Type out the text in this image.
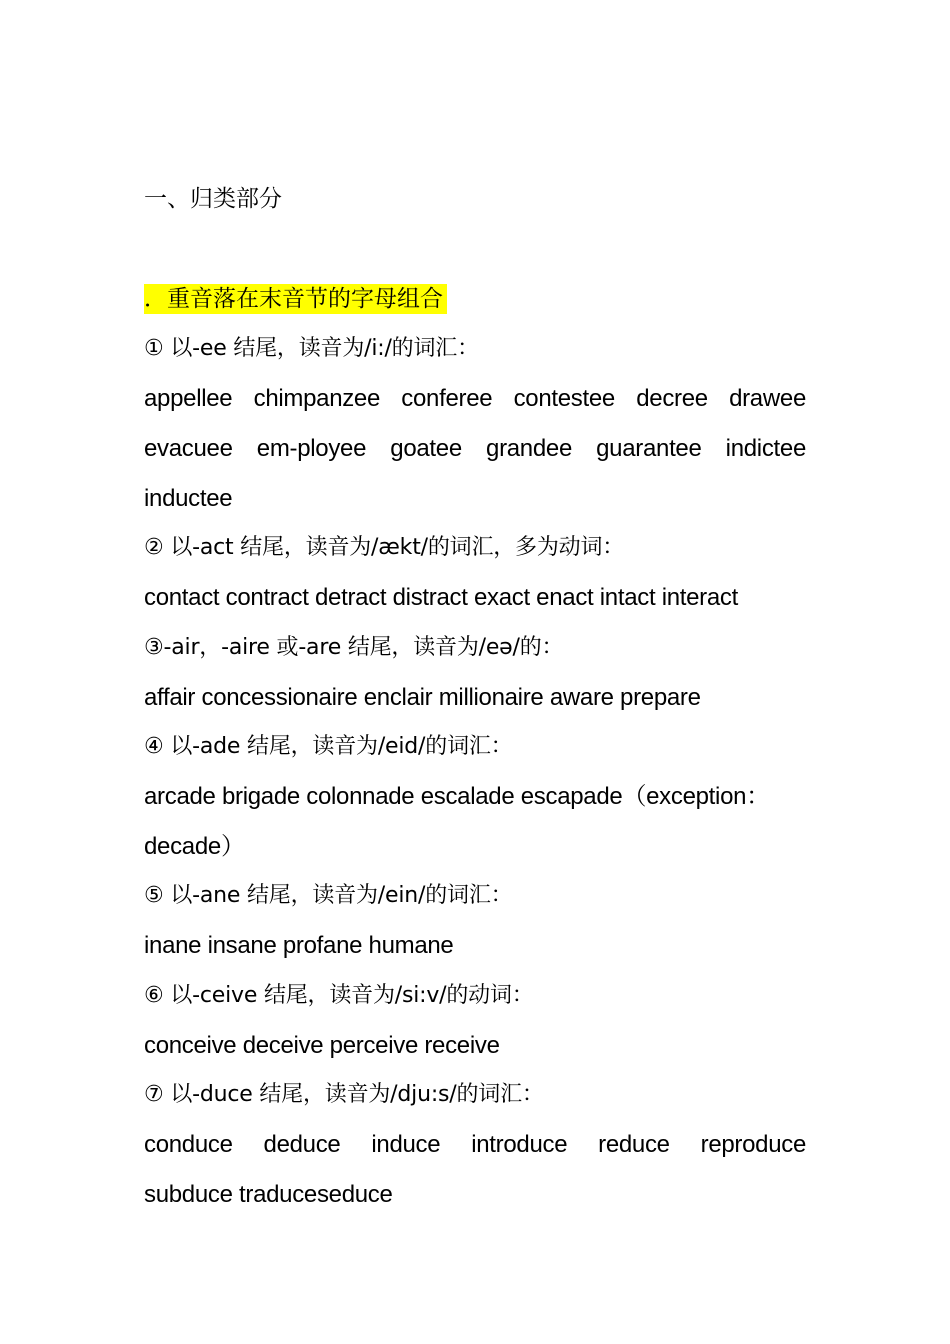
一、归类部分
．重音落在末音节的字母组合
① 以-ee 结尾，读音为/i:/的词汇：
appellee chimpanzee conferee contestee decree drawee
evacuee em-ployee goatee grandee guarantee indictee
inductee
② 以-act 结尾，读音为/ækt/的词汇，多为动词：
contact contract detract distract exact enact intact interact
③-air，-aire 或-are 结尾，读音为/eə/的：
affair concessionaire enclair millionaire aware prepare
④ 以-ade 结尾，读音为/eid/的词汇：
arcade brigade colonnade escalade escapade（exception：
decade）
⑤ 以-ane 结尾，读音为/ein/的词汇：
inane insane profane humane
⑥ 以-ceive 结尾，读音为/si:v/的动词：
conceive deceive perceive receive
⑦ 以-duce 结尾，读音为/dju:s/的词汇：
conduce deduce induce introduce reduce reproduce
subduce traduceseduce
